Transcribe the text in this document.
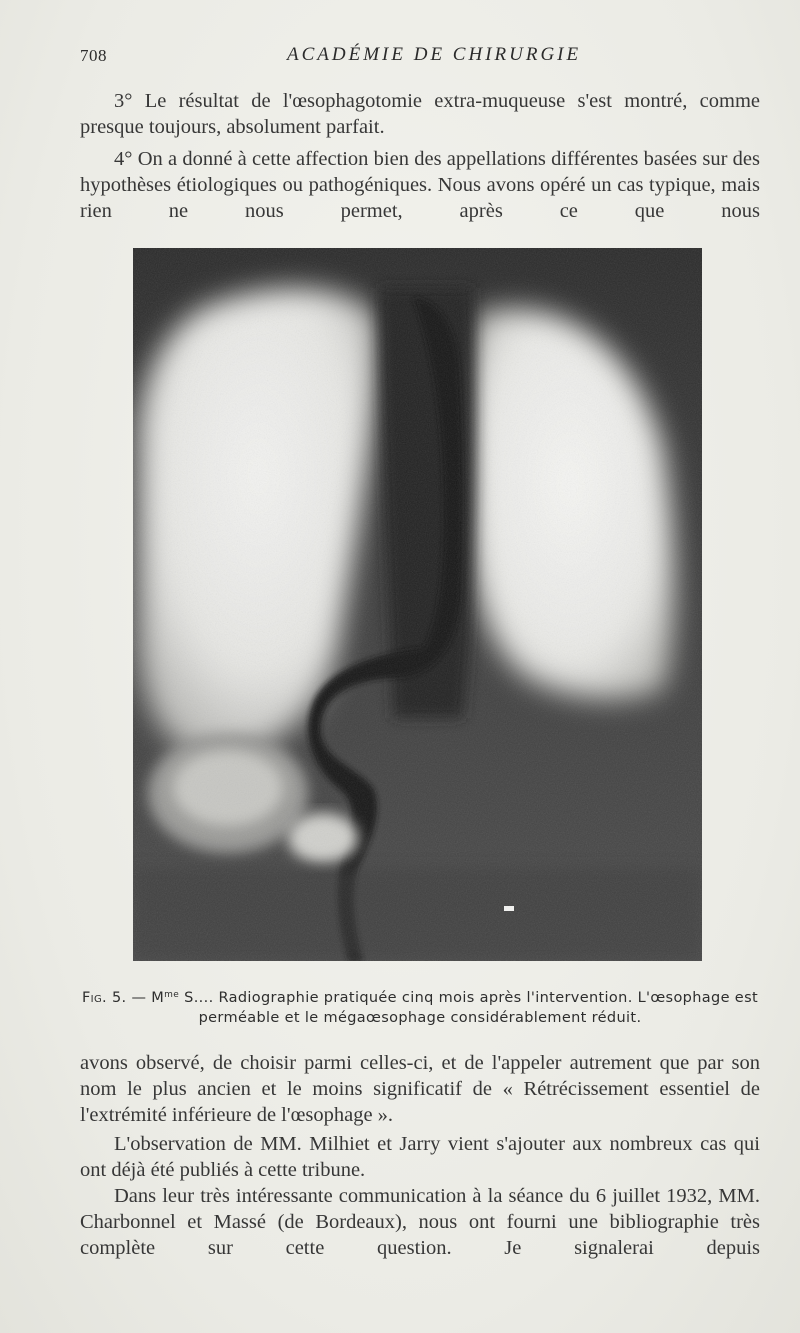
708	ACADÉMIE DE CHIRURGIE

3° Le résultat de l'œsophagotomie extra-muqueuse s'est montré, comme presque toujours, absolument parfait.

4° On a donné à cette affection bien des appellations différentes basées sur des hypothèses étiologiques ou pathogéniques. Nous avons opéré un cas typique, mais rien ne nous permet, après ce que nous

Fig. 5. — $M^{me}$ S.... Radiographie pratiquée cinq mois après l'intervention. L'œsophage est perméable et le mégaœsophage considérablement réduit.

avons observé, de choisir parmi celles-ci, et de l'appeler autrement que par son nom le plus ancien et le moins significatif de « Rétrécissement essentiel de l'extrémité inférieure de l'œsophage ».

L'observation de MM. Milhiet et Jarry vient s'ajouter aux nombreux cas qui ont déjà été publiés à cette tribune.

Dans leur très intéressante communication à la séance du 6 juillet 1932, MM. Charbonnel et Massé (de Bordeaux), nous ont fourni une bibliographie très complète sur cette question. Je signalerai depuis
